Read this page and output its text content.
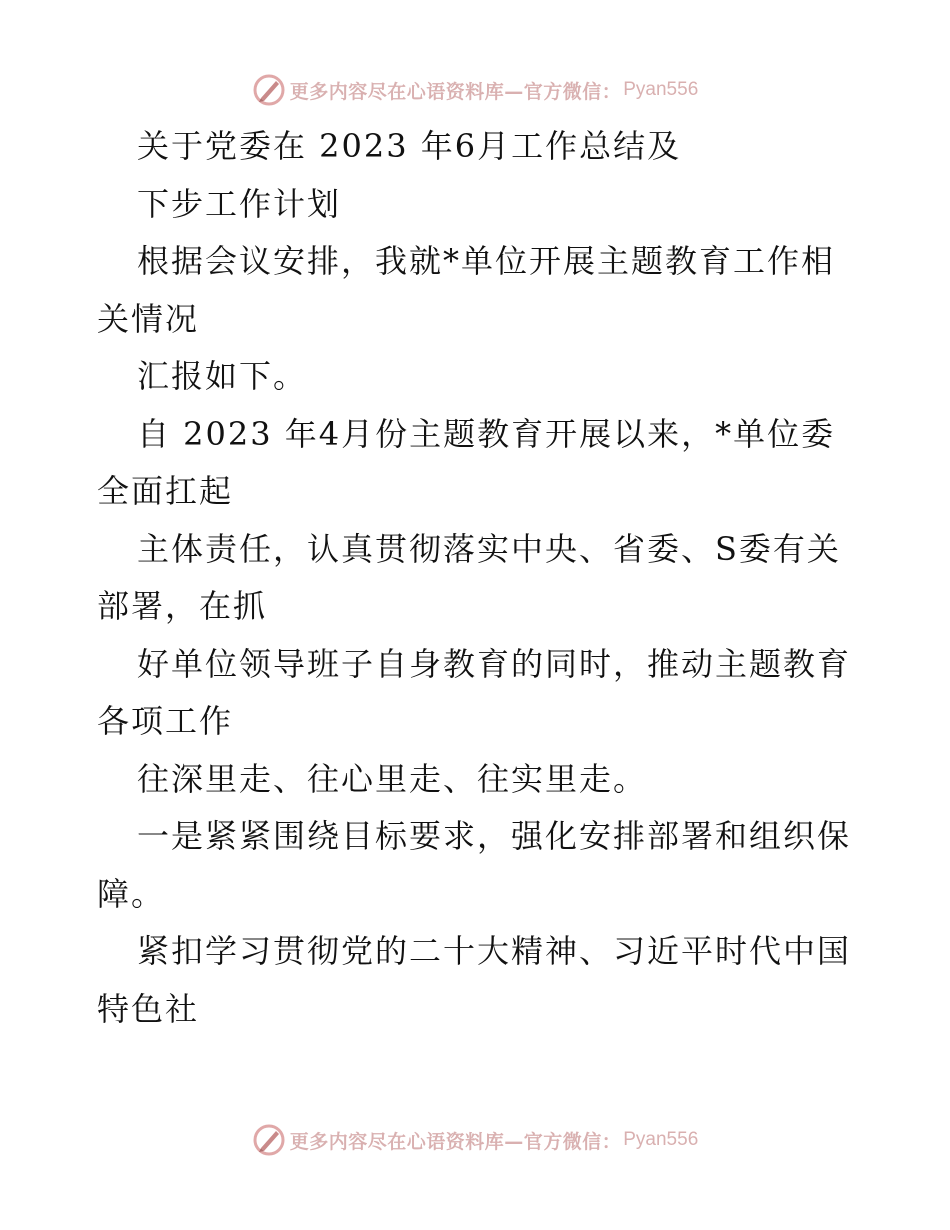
更多内容尽在心语资料库—官方微信： Pyan556
关于党委在 2023 年6月工作总结及
下步工作计划
根据会议安排，我就*单位开展主题教育工作相
关情况
汇报如下。
自 2023 年4月份主题教育开展以来，*单位委
全面扛起
主体责任，认真贯彻落实中央、省委、S委有关
部署，在抓
好单位领导班子自身教育的同时，推动主题教育
各项工作
往深里走、往心里走、往实里走。
一是紧紧围绕目标要求，强化安排部署和组织保
障。
紧扣学习贯彻党的二十大精神、习近平时代中国
特色社
更多内容尽在心语资料库—官方微信： Pyan556
